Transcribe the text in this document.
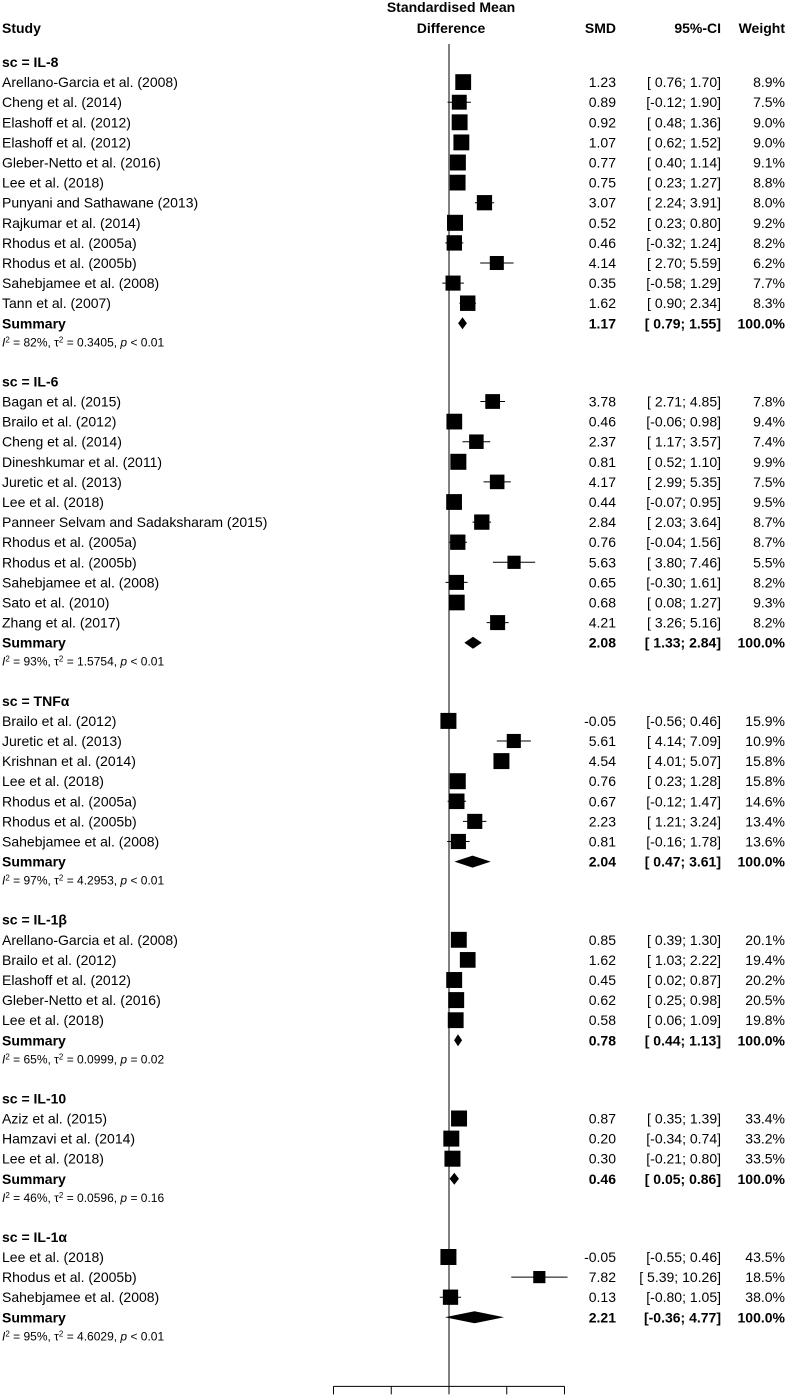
Study
Standardised Mean
Difference	SMD	95%-CI Weight
sc = IL-8
Arellano-Garcia et al. (2008)	1.23 [ 0.76; 1.70] 8.9%
Cheng et al. (2014)	0.89 [-0.12; 1.90] 7.5%
Elashoff et al. (2012)	0.92 [ 0.48; 1.36] 9.0%
Elashoff et al. (2012)	1.07 [ 0.62; 1.52] 9.0%
Gleber-Netto et al. (2016)	0.77 [ 0.40; 1.14] 9.1%
Lee et al. (2018)	0.75 [ 0.23; 1.27] 8.8%
Punyani and Sathawane (2013)	3.07 [ 2.24; 3.91] 8.0%
Rajkumar et al. (2014)	0.52 [ 0.23; 0.80] 9.2%
Rhodus et al. (2005a)	0.46 [-0.32; 1.24] 8.2%
Rhodus et al. (2005b)	4.14 [ 2.70; 5.59] 6.2%
Sahebjamee et al. (2008)	0.35 [-0.58; 1.29] 7.7%
Tann et al. (2007)	1.62 [ 0.90; 2.34] 8.3%
Summary	1.17 [ 0.79; 1.55] 100.0%
$I^2 = 82\%$, $\tau^2 = 0.3405$, p < 0.01
sc = IL-6
Bagan et al. (2015)	3.78 [ 2.71; 4.85] 7.8%
Brailo et al. (2012)	0.46 [-0.06; 0.98] 9.4%
Cheng et al. (2014)	2.37 [ 1.17; 3.57] 7.4%
Dineshkumar et al. (2011)	0.81 [ 0.52; 1.10] 9.9%
Juretic et al. (2013)	4.17 [ 2.99; 5.35] 7.5%
Lee et al. (2018)	0.44 [-0.07; 0.95] 9.5%
Panneer Selvam and Sadaksharam (2015)	2.84 [ 2.03; 3.64] 8.7%
Rhodus et al. (2005a)	0.76 [-0.04; 1.56] 8.7%
Rhodus et al. (2005b)	5.63 [ 3.80; 7.46] 5.5%
Sahebjamee et al. (2008)	0.65 [-0.30; 1.61] 8.2%
Sato et al. (2010)	0.68 [ 0.08; 1.27] 9.3%
Zhang et al. (2017)	4.21 [ 3.26; 5.16] 8.2%
Summary	2.08 [ 1.33; 2.84] 100.0%
$I^2 = 93\%$, $\tau^2 = 1.5754$, p < 0.01
sc = TNFα
Brailo et al. (2012)	-0.05 [-0.56; 0.46] 15.9%
Juretic et al. (2013)	5.61 [ 4.14; 7.09] 10.9%
Krishnan et al. (2014)	4.54 [ 4.01; 5.07] 15.8%
Lee et al. (2018)	0.76 [ 0.23; 1.28] 15.8%
Rhodus et al. (2005a)	0.67 [-0.12; 1.47] 14.6%
Rhodus et al. (2005b)	2.23 [ 1.21; 3.24] 13.4%
Sahebjamee et al. (2008)	0.81 [-0.16; 1.78] 13.6%
Summary	2.04 [ 0.47; 3.61] 100.0%
$I^2 = 97\%$, $\tau^2 = 4.2953$, p < 0.01
sc = IL-1β
Arellano-Garcia et al. (2008)	0.85 [ 0.39; 1.30] 20.1%
Brailo et al. (2012)	1.62 [ 1.03; 2.22] 19.4%
Elashoff et al. (2012)	0.45 [ 0.02; 0.87] 20.2%
Gleber-Netto et al. (2016)	0.62 [ 0.25; 0.98] 20.5%
Lee et al. (2018)	0.58 [ 0.06; 1.09] 19.8%
Summary	0.78 [ 0.44; 1.13] 100.0%
$I^2 = 65\%$, $\tau^2 = 0.0999$, p = 0.02
sc = IL-10
Aziz et al. (2015)	0.87 [ 0.35; 1.39] 33.4%
Hamzavi et al. (2014)	0.20 [-0.34; 0.74] 33.2%
Lee et al. (2018)	0.30 [-0.21; 0.80] 33.5%
Summary	0.46 [ 0.05; 0.86] 100.0%
$I^2 = 46\%$, $\tau^2 = 0.0596$, p = 0.16
sc = IL-1α
Lee et al. (2018)	-0.05 [-0.55; 0.46] 43.5%
Rhodus et al. (2005b)	7.82 [ 5.39; 10.26] 18.5%
Sahebjamee et al. (2008)	0.13 [-0.80; 1.05] 38.0%
Summary	2.21 [-0.36; 4.77] 100.0%
$I^2 = 95\%$, $\tau^2 = 4.6029$, p < 0.01
